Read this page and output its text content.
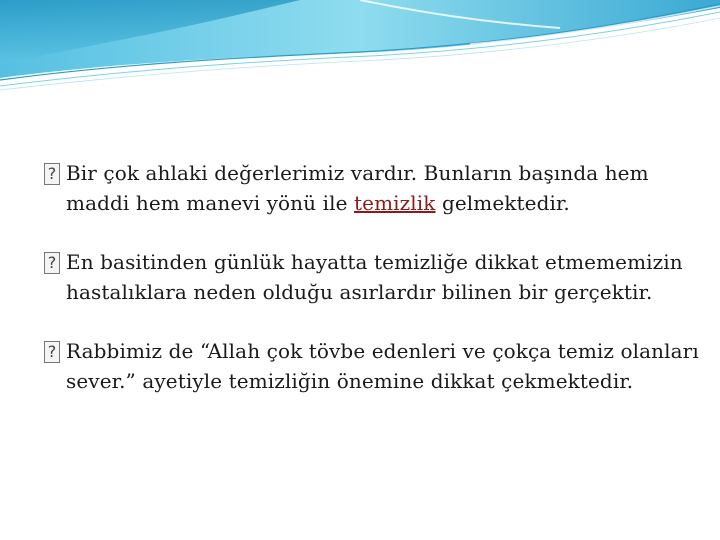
? Bir çok ahlaki değerlerimiz vardır. Bunların başında hem maddi hem manevi yönü ile temizlik gelmektedir.
? En basitinden günlük hayatta temizliğe dikkat etmememizin hastalıklara neden olduğu asırlardır bilinen bir gerçektir.
? Rabbimiz de “Allah çok tövbe edenleri ve çokça temiz olanları sever.” ayetiyle temizliğin önemine dikkat çekmektedir.
